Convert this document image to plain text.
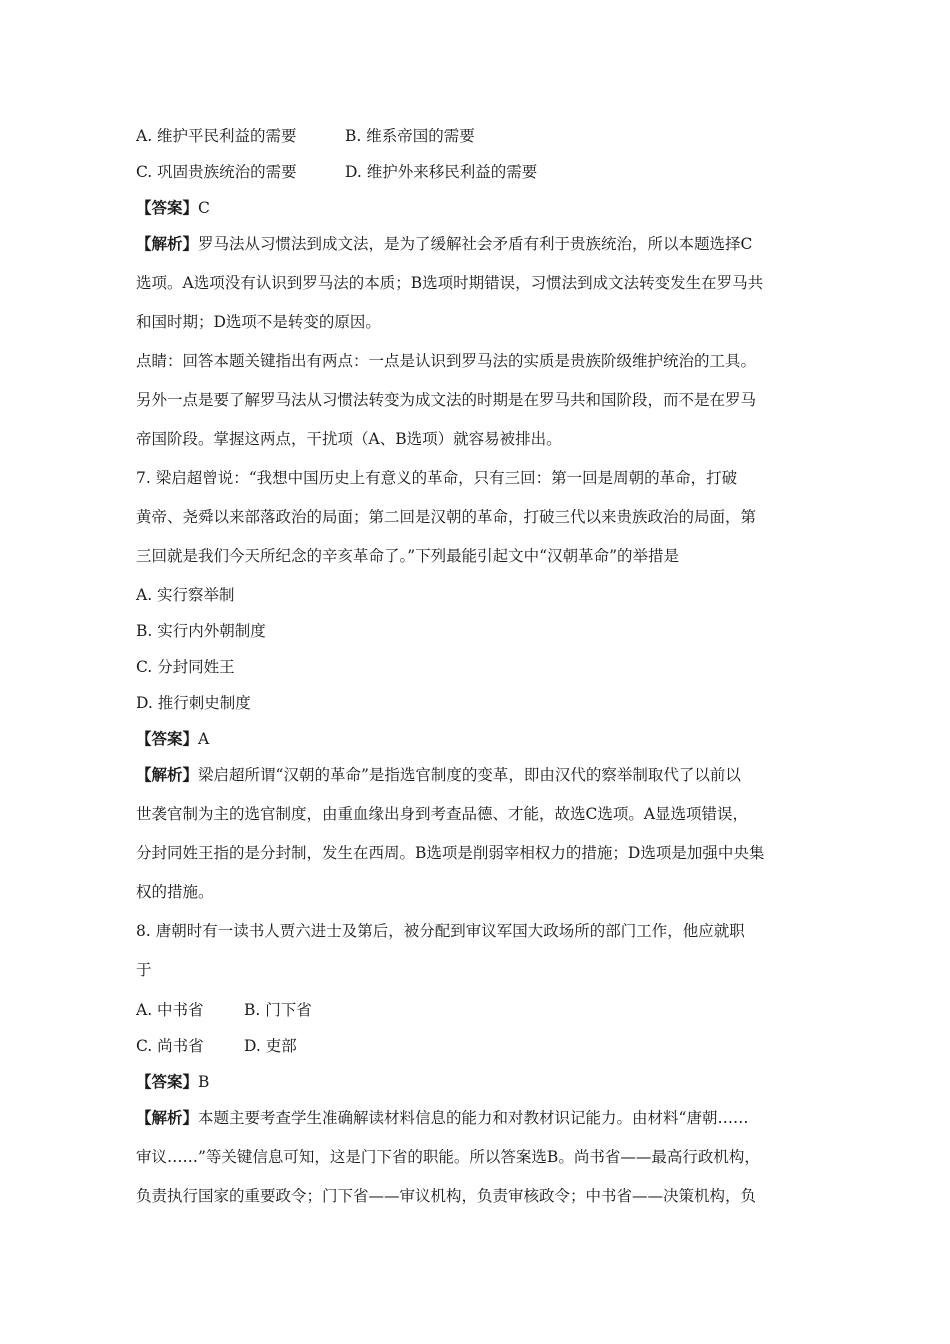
A. 维护平民利益的需要	B. 维系帝国的需要
C. 巩固贵族统治的需要	D. 维护外来移民利益的需要
【答案】C
【解析】罗马法从习惯法到成文法，是为了缓解社会矛盾有利于贵族统治，所以本题选择C
选项。A选项没有认识到罗马法的本质；B选项时期错误，习惯法到成文法转变发生在罗马共
和国时期；D选项不是转变的原因。
点睛：回答本题关键指出有两点：一点是认识到罗马法的实质是贵族阶级维护统治的工具。
另外一点是要了解罗马法从习惯法转变为成文法的时期是在罗马共和国阶段，而不是在罗马
帝国阶段。掌握这两点，干扰项（A、B选项）就容易被排出。
7. 梁启超曾说：“我想中国历史上有意义的革命，只有三回：第一回是周朝的革命，打破
黄帝、尧舜以来部落政治的局面；第二回是汉朝的革命，打破三代以来贵族政治的局面，第
三回就是我们今天所纪念的辛亥革命了。”下列最能引起文中“汉朝革命”的举措是
A. 实行察举制
B. 实行内外朝制度
C. 分封同姓王
D. 推行刺史制度
【答案】A
【解析】梁启超所谓“汉朝的革命”是指选官制度的变革，即由汉代的察举制取代了以前以
世袭官制为主的选官制度，由重血缘出身到考查品德、才能，故选C选项。A显选项错误，
分封同姓王指的是分封制，发生在西周。B选项是削弱宰相权力的措施；D选项是加强中央集
权的措施。
8. 唐朝时有一读书人贾六进士及第后，被分配到审议军国大政场所的部门工作，他应就职
于
A. 中书省	B. 门下省
C. 尚书省	D. 吏部
【答案】B
【解析】本题主要考查学生准确解读材料信息的能力和对教材识记能力。由材料“唐朝……
审议……”等关键信息可知，这是门下省的职能。所以答案选B。尚书省——最高行政机构，
负责执行国家的重要政令；门下省——审议机构，负责审核政令；中书省——决策机构，负
